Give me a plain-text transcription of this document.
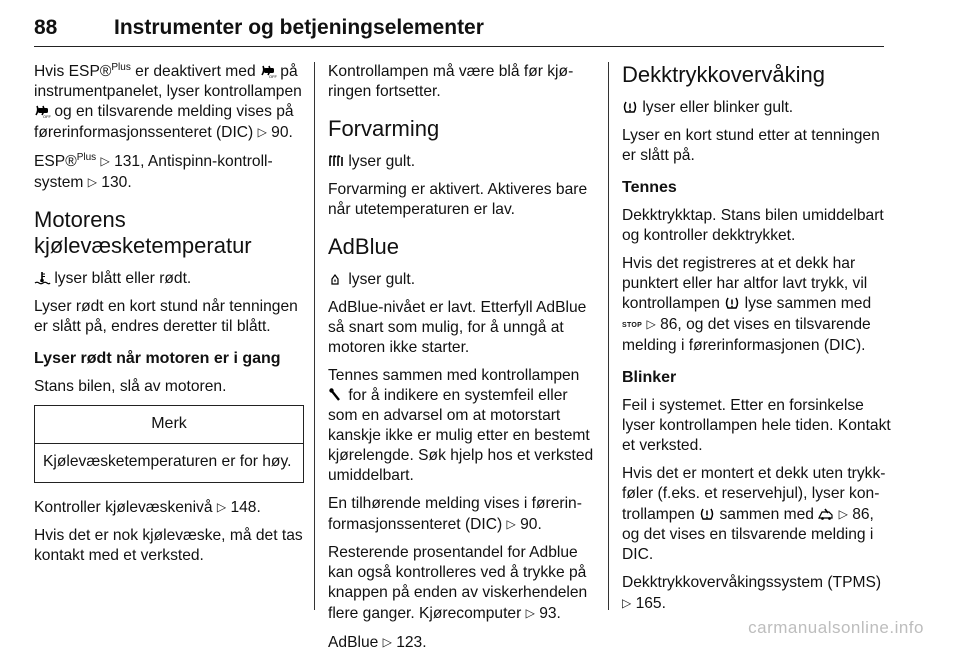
88	Instrumenter og betjeningselementer

Hvis ESP®$^{Plus}$ er deaktivert med OFF på instrumentpanelet, lyser kontrollampen
OFF og en tilsvarende melding vises på førerinformasjonssenteret (DIC) ▷ 90.

ESP®$^{Plus}$ ▷ 131, Antispinn-kontrollsystem ▷ 130.

Motorens kjølevæsketemperatur

lyser blått eller rødt.

Lyser rødt en kort stund når tenningen er slått på, endres deretter til blått.

Lyser rødt når motoren er i gang

Stans bilen, slå av motoren.

Merk
Kjølevæsketemperaturen er for høy.

Kontroller kjølevæskenivå ▷ 148.

Hvis det er nok kjølevæske, må det tas kontakt med et verksted.

Kontrollampen må være blå før kjøringen fortsetter.

Forvarming

lyser gult.

Forvarming er aktivert. Aktiveres bare når utetemperaturen er lav.

AdBlue

lyser gult.

AdBlue-nivået er lavt. Etterfyll AdBlue så snart som mulig, for å unngå at motoren ikke starter.

Tennes sammen med kontrollampen
for å indikere en systemfeil eller som en advarsel om at motorstart kanskje ikke er mulig etter en bestemt kjørelengde. Søk hjelp hos et verksted umiddelbart.

En tilhørende melding vises i førerinformasjonssenteret (DIC) ▷ 90.

Resterende prosentandel for Adblue kan også kontrolleres ved å trykke på knappen på enden av viskerhendelen flere ganger. Kjørecomputer ▷ 93.

AdBlue ▷ 123.

Dekktrykkovervåking

lyser eller blinker gult.

Lyser en kort stund etter at tenningen er slått på.

Tennes

Dekktrykktap. Stans bilen umiddelbart og kontroller dekktrykket.

Hvis det registreres at et dekk har punktert eller har altfor lavt trykk, vil kontrollampen
lyse sammen med STOP ▷ 86, og det vises en tilsvarende melding i førerinformasjonen (DIC).

Blinker

Feil i systemet. Etter en forsinkelse lyser kontrollampen hele tiden. Kontakt et verksted.

Hvis det er montert et dekk uten trykkføler (f.eks. et reservehjul), lyser kontrollampen
sammen med
▷ 86, og det vises en tilsvarende melding i DIC.

Dekktrykkovervåkingssystem (TPMS) ▷ 165.

carmanualsonline.info
